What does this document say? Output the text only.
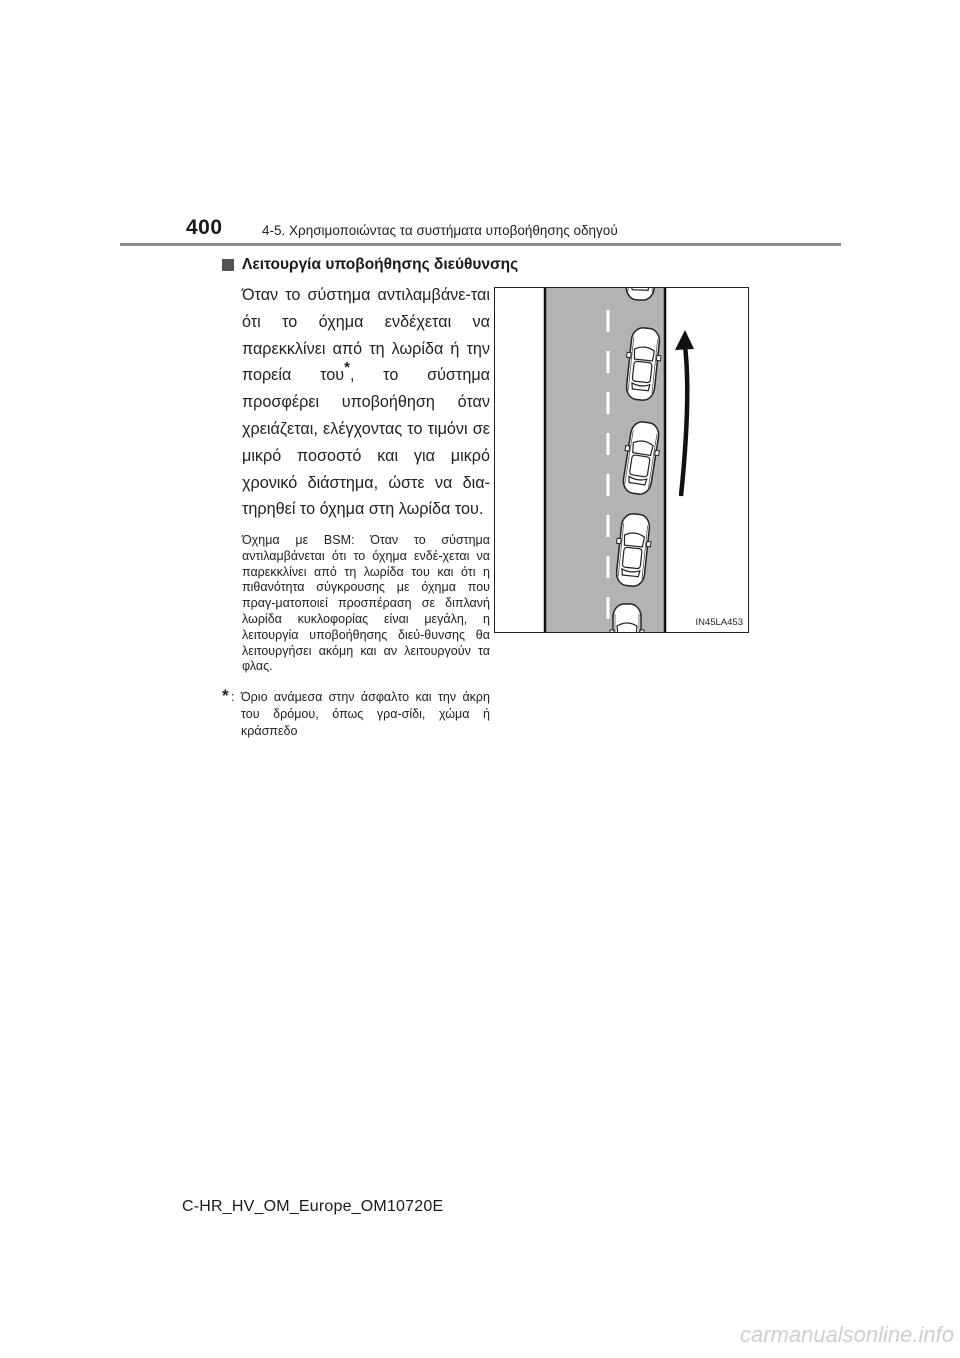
400	4-5. Χρησιμοποιώντας τα συστήματα υποβοήθησης οδηγού
Λειτουργία υποβοήθησης διεύθυνσης
Όταν το σύστημα αντιλαμβάνε-ται ότι το όχημα ενδέχεται να παρεκκλίνει από τη λωρίδα ή την πορεία του*, το σύστημα προσφέρει υποβοήθηση όταν χρειάζεται, ελέγχοντας το τιμόνι σε μικρό ποσοστό και για μικρό χρονικό διάστημα, ώστε να δια-τηρηθεί το όχημα στη λωρίδα του.
Όχημα με BSM: Όταν το σύστημα αντιλαμβάνεται ότι το όχημα ενδέ-χεται να παρεκκλίνει από τη λωρίδα του και ότι η πιθανότητα σύγκρουσης με όχημα που πραγ-ματοποιεί προσπέραση σε διπλανή λωρίδα κυκλοφορίας είναι μεγάλη, η λειτουργία υποβοήθησης διεύ-θυνσης θα λειτουργήσει ακόμη και αν λειτουργούν τα φλας.
* : Όριο ανάμεσα στην άσφαλτο και την άκρη του δρόμου, όπως γρα-σίδι, χώμα ή κράσπεδο
IN45LA453
C-HR_HV_OM_Europe_OM10720E
carmanualsonline.info
